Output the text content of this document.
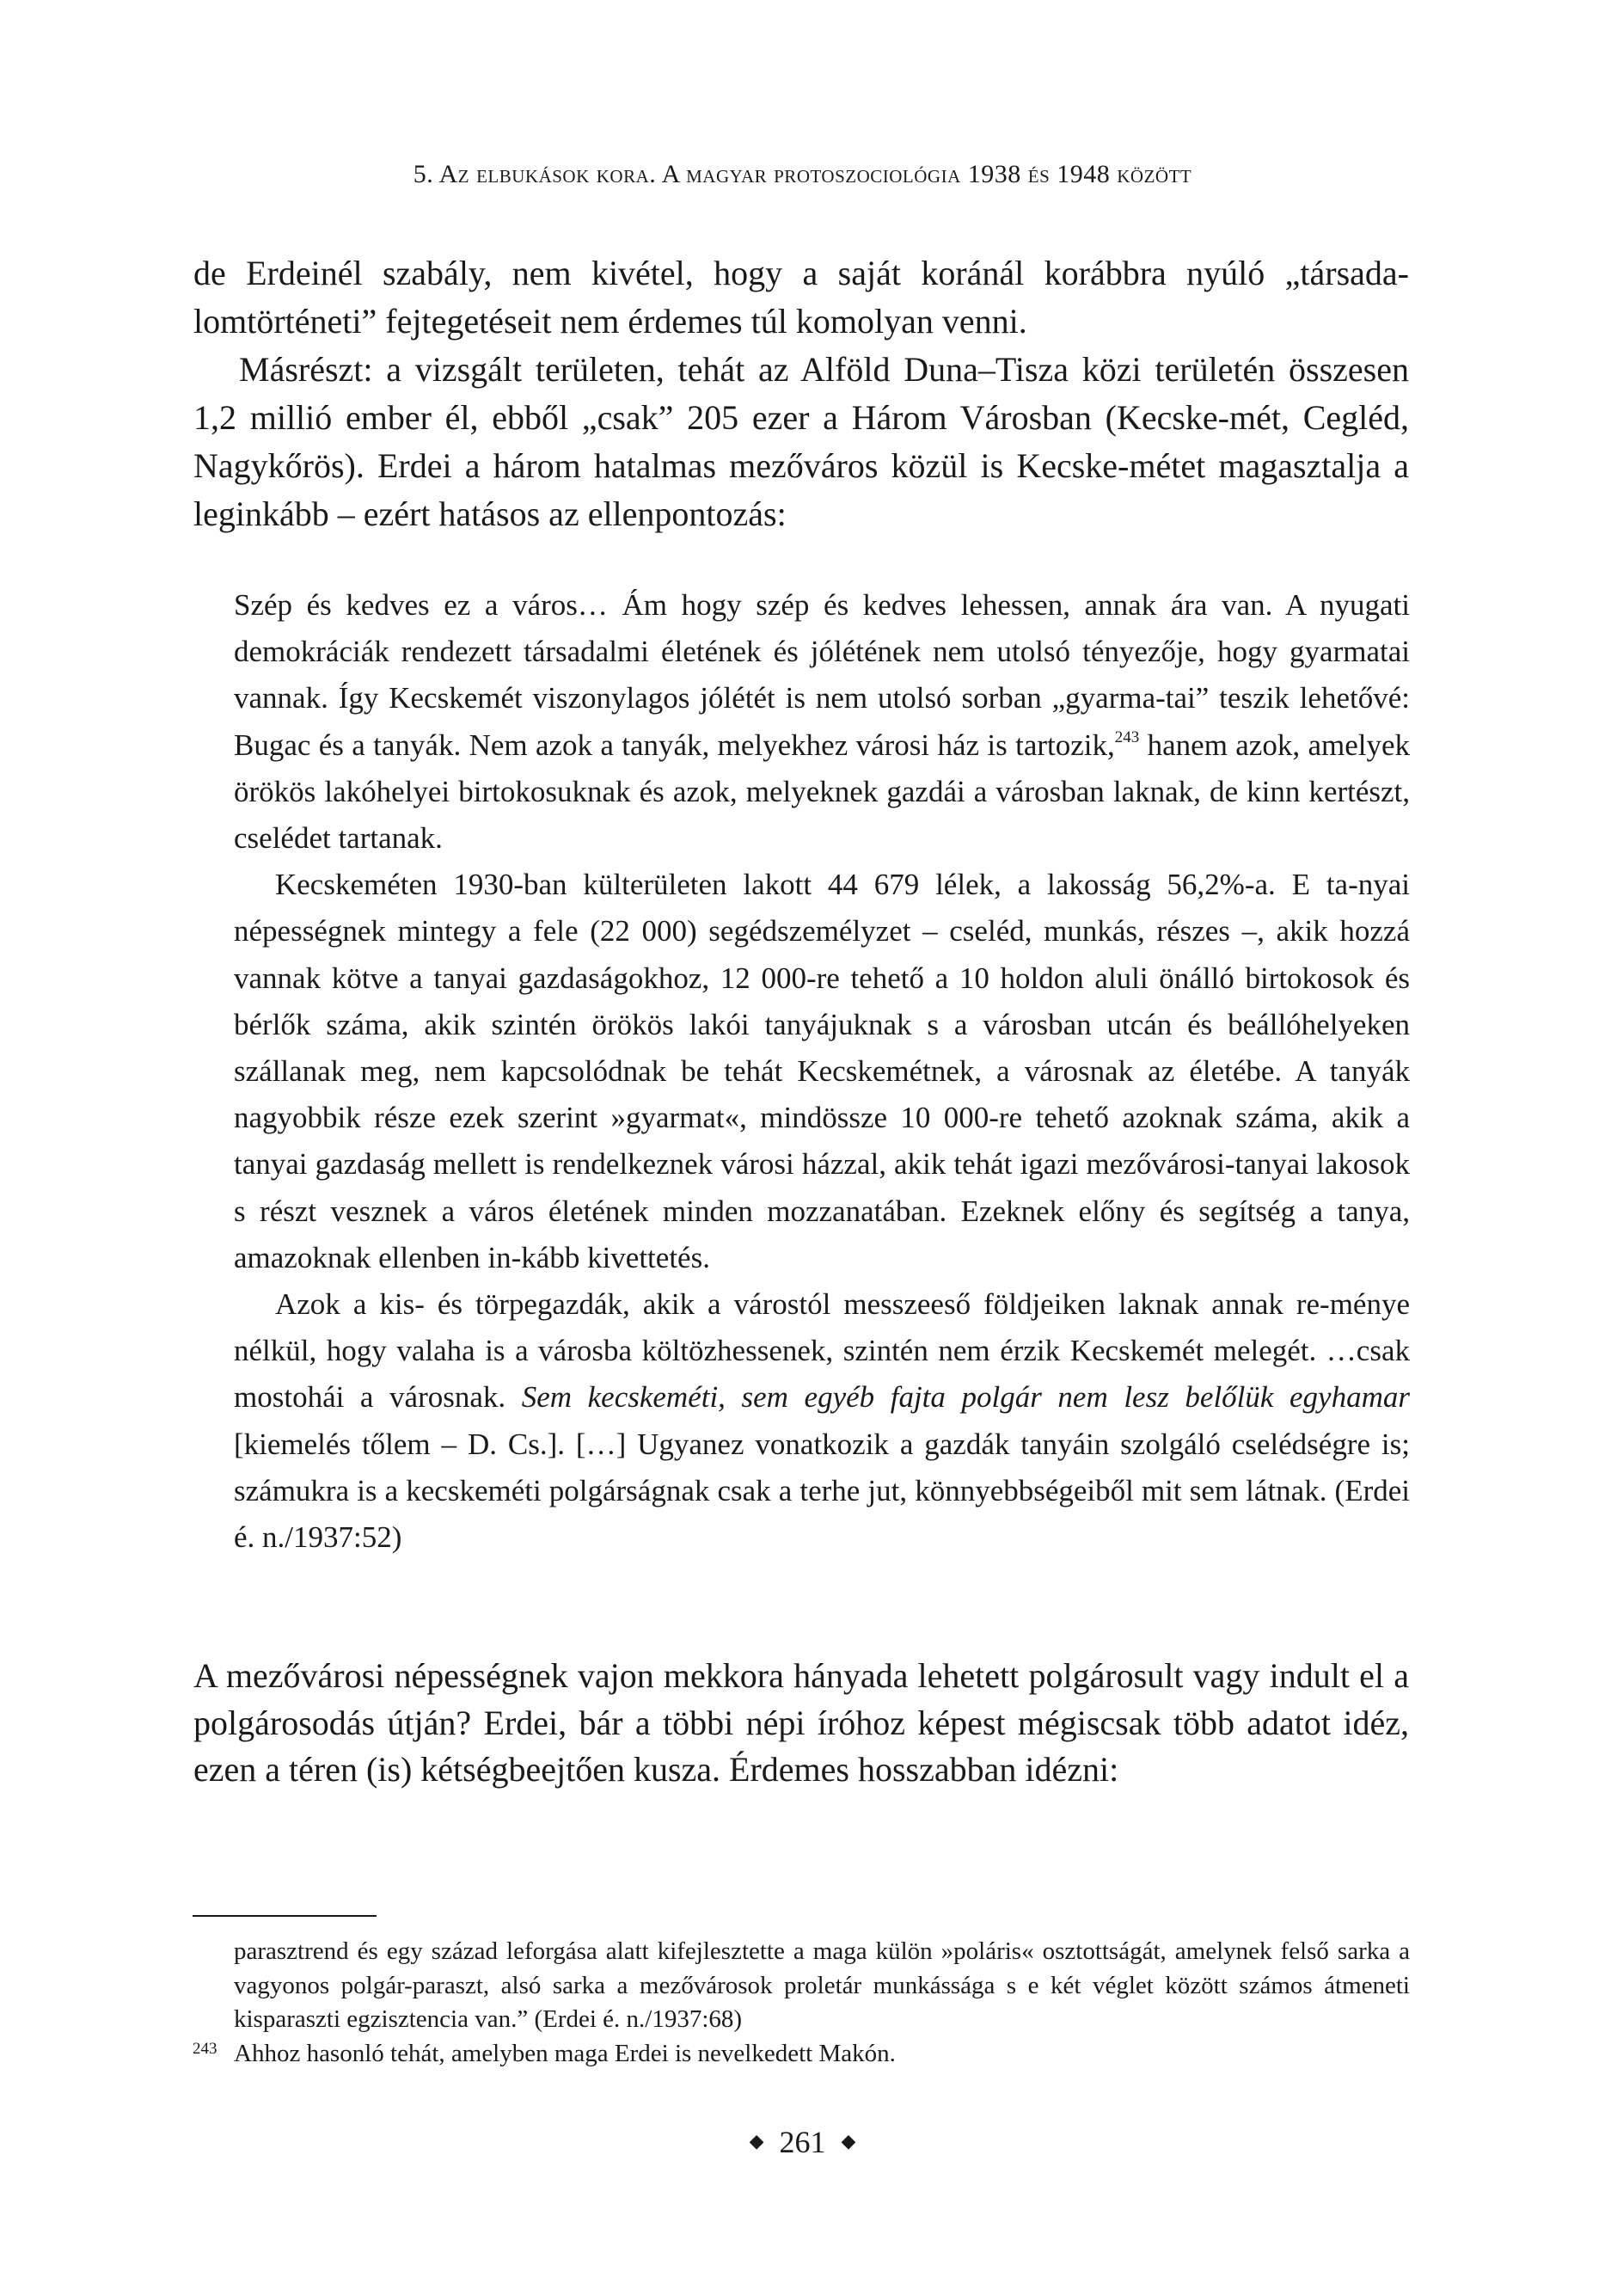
5. Az elbukások kora. A magyar protoszociológia 1938 és 1948 között

de Erdeinél szabály, nem kivétel, hogy a saját koránál korábbra nyúló „társada-lomtörténeti” fejtegetéseit nem érdemes túl komolyan venni.

Másrészt: a vizsgált területen, tehát az Alföld Duna–Tisza közi területén összesen 1,2 millió ember él, ebből „csak” 205 ezer a Három Városban (Kecske-mét, Cegléd, Nagykőrös). Erdei a három hatalmas mezőváros közül is Kecske-métet magasztalja a leginkább – ezért hatásos az ellenpontozás:

Szép és kedves ez a város… Ám hogy szép és kedves lehessen, annak ára van. A nyugati demokráciák rendezett társadalmi életének és jólétének nem utolsó tényezője, hogy gyarmatai vannak. Így Kecskemét viszonylagos jólétét is nem utolsó sorban „gyarma-tai” teszik lehetővé: Bugac és a tanyák. Nem azok a tanyák, melyekhez városi ház is tartozik,$^{243}$ hanem azok, amelyek örökös lakóhelyei birtokosuknak és azok, melyeknek gazdái a városban laknak, de kinn kertészt, cselédet tartanak.

Kecskeméten 1930-ban külterületen lakott 44 679 lélek, a lakosság 56,2%-a. E ta-nyai népességnek mintegy a fele (22 000) segédszemélyzet – cseléd, munkás, részes –, akik hozzá vannak kötve a tanyai gazdaságokhoz, 12 000-re tehető a 10 holdon aluli önálló birtokosok és bérlők száma, akik szintén örökös lakói tanyájuknak s a városban utcán és beállóhelyeken szállanak meg, nem kapcsolódnak be tehát Kecskemétnek, a városnak az életébe. A tanyák nagyobbik része ezek szerint »gyarmat«, mindössze 10 000-re tehető azoknak száma, akik a tanyai gazdaság mellett is rendelkeznek városi házzal, akik tehát igazi mezővárosi-tanyai lakosok s részt vesznek a város életének minden mozzanatában. Ezeknek előny és segítség a tanya, amazoknak ellenben in-kább kivettetés.

Azok a kis- és törpegazdák, akik a várostól messzeeső földjeiken laknak annak re-ménye nélkül, hogy valaha is a városba költözhessenek, szintén nem érzik Kecskemét melegét. …csak mostohái a városnak. Sem kecskeméti, sem egyéb fajta polgár nem lesz belőlük egyhamar [kiemelés tőlem – D. Cs.]. […] Ugyanez vonatkozik a gazdák tanyáin szolgáló cselédségre is; számukra is a kecskeméti polgárságnak csak a terhe jut, könnyebbségeiből mit sem látnak. (Erdei é. n./1937:52)

A mezővárosi népességnek vajon mekkora hányada lehetett polgárosult vagy indult el a polgárosodás útján? Erdei, bár a többi népi íróhoz képest mégiscsak több adatot idéz, ezen a téren (is) kétségbeejtően kusza. Érdemes hosszabban idézni:

parasztrend és egy század leforgása alatt kifejlesztette a maga külön »poláris« osztottságát, amelynek felső sarka a vagyonos polgár-paraszt, alsó sarka a mezővárosok proletár munkássága s e két véglet között számos átmeneti kisparaszti egzisztencia van.” (Erdei é. n./1937:68)

243 Ahhoz hasonló tehát, amelyben maga Erdei is nevelkedett Makón.

◆ 261 ◆
